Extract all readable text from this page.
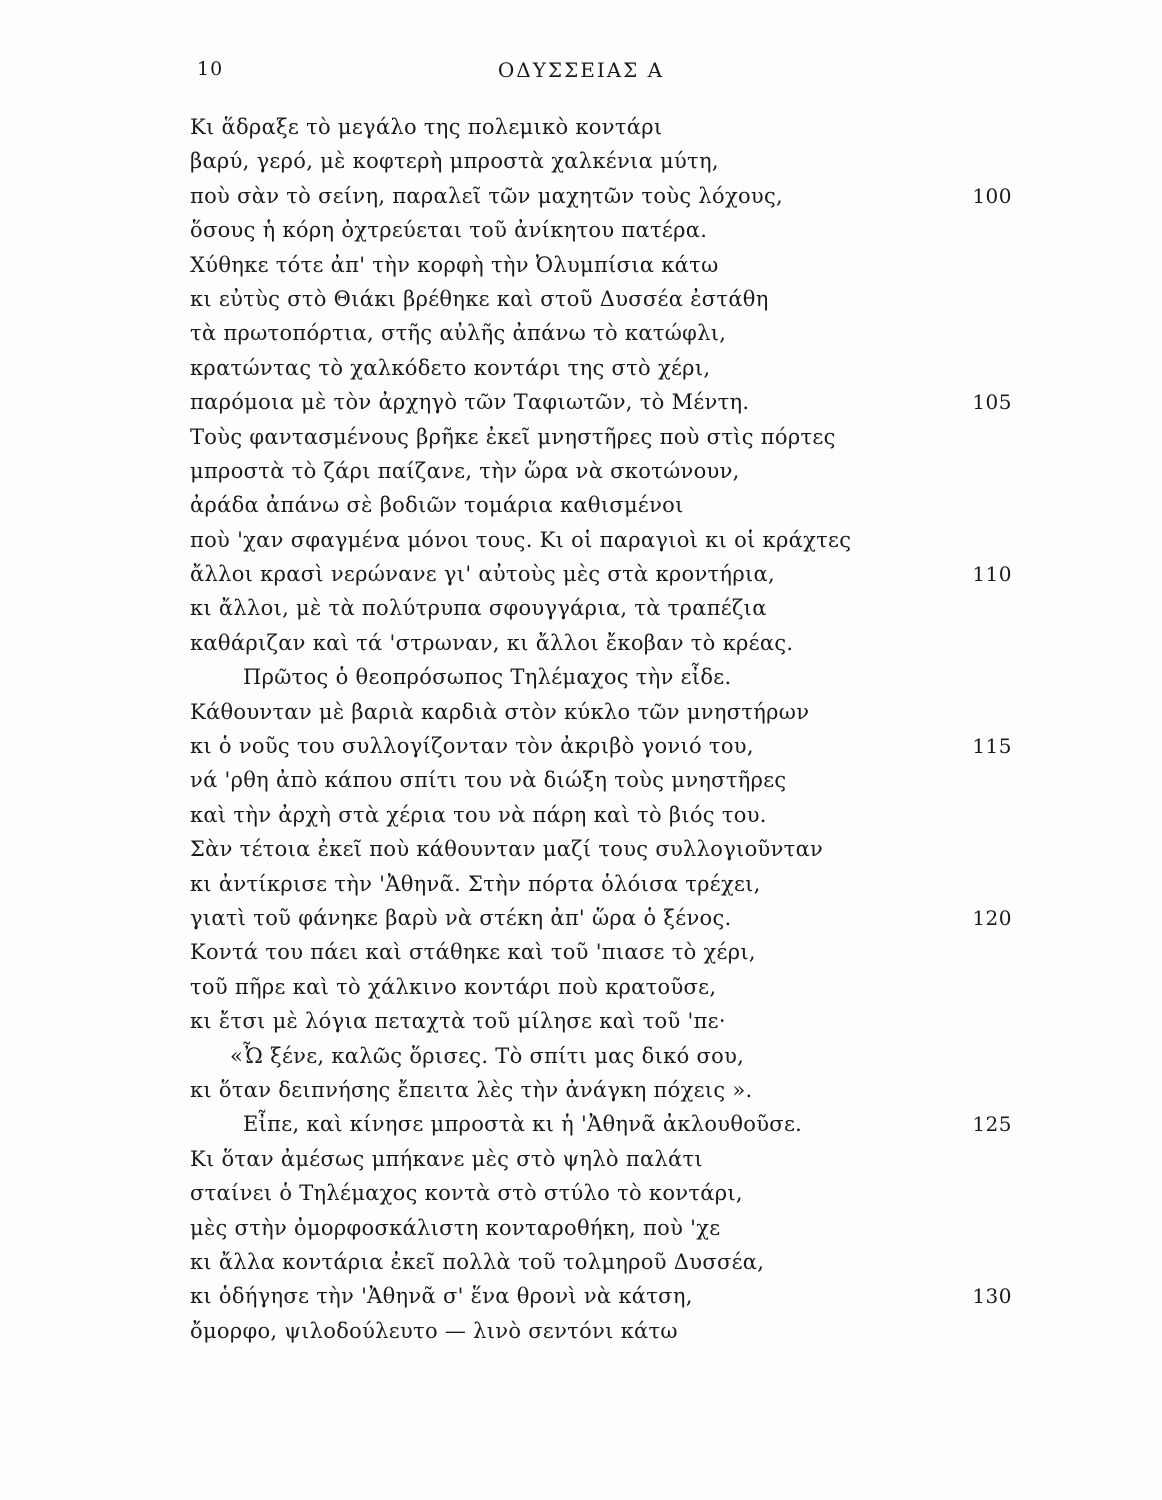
10	ΟΔΥΣΣΕΙΑΣ Α
Κι ἅδραξε τὸ μεγάλο της πολεμικὸ κοντάρι
βαρύ, γερό, μὲ κοφτερὴ μπροστὰ χαλκένια μύτη,
ποὺ σὰν τὸ σείνη, παραλεῖ τῶν μαχητῶν τοὺς λόχους,	100
ὅσους ἡ κόρη ὀχτρεύεται τοῦ ἀνίκητου πατέρα.
Χύθηκε τότε ἀπ' τὴν κορφὴ τὴν Ὀλυμπίσια κάτω
κι εὐτὺς στὸ Θιάκι βρέθηκε καὶ στοῦ Δυσσέα ἐστάθη
τὰ πρωτοπόρτια, στῆς αὐλῆς ἀπάνω τὸ κατώφλι,
κρατώντας τὸ χαλκόδετο κοντάρι της στὸ χέρι,
παρόμοια μὲ τὸν ἀρχηγὸ τῶν Ταφιωτῶν, τὸ Μέντη.	105
Τοὺς φαντασμένους βρῆκε ἐκεῖ μνηστῆρες ποὺ στὶς πόρτες
μπροστὰ τὸ ζάρι παίζανε, τὴν ὥρα νὰ σκοτώνουν,
ἀράδα ἀπάνω σὲ βοδιῶν τομάρια καθισμένοι
ποὺ 'χαν σφαγμένα μόνοι τους. Κι οἱ παραγιοὶ κι οἱ κράχτες
ἄλλοι κρασὶ νερώνανε γι' αὐτοὺς μὲς στὰ κροντήρια,	110
κι ἄλλοι, μὲ τὰ πολύτρυπα σφουγγάρια, τὰ τραπέζια
καθάριζαν καὶ τά 'στρωναν, κι ἄλλοι ἔκοβαν τὸ κρέας.
Πρῶτος ὁ θεοπρόσωπος Τηλέμαχος τὴν εἶδε.
Κάθουνταν μὲ βαριὰ καρδιὰ στὸν κύκλο τῶν μνηστήρων
κι ὁ νοῦς του συλλογίζονταν τὸν ἀκριβὸ γονιό του,	115
νά 'ρθη ἀπὸ κάπου σπίτι του νὰ διώξη τοὺς μνηστῆρες
καὶ τὴν ἀρχὴ στὰ χέρια του νὰ πάρη καὶ τὸ βιός του.
Σὰν τέτοια ἐκεῖ ποὺ κάθουνταν μαζί τους συλλογιοῦνταν
κι ἀντίκρισε τὴν 'Ἀθηνᾶ. Στὴν πόρτα ὁλόισα τρέχει,
γιατὶ τοῦ φάνηκε βαρὺ νὰ στέκη ἀπ' ὥρα ὁ ξένος.	120
Κοντά του πάει καὶ στάθηκε καὶ τοῦ 'πιασε τὸ χέρι,
τοῦ πῆρε καὶ τὸ χάλκινο κοντάρι ποὺ κρατοῦσε,
κι ἔτσι μὲ λόγια πεταχτὰ τοῦ μίλησε καὶ τοῦ 'πε·
«Ὦ ξένε, καλῶς ὅρισες. Τὸ σπίτι μας δικό σου,
κι ὅταν δειπνήσης ἔπειτα λὲς τὴν ἀνάγκη πόχεις ».
Εἶπε, καὶ κίνησε μπροστὰ κι ἡ 'Ἀθηνᾶ ἀκλουθοῦσε.	125
Κι ὅταν ἀμέσως μπήκανε μὲς στὸ ψηλὸ παλάτι
σταίνει ὁ Τηλέμαχος κοντὰ στὸ στύλο τὸ κοντάρι,
μὲς στὴν ὀμορφοσκάλιστη κονταροθήκη, ποὺ 'χε
κι ἄλλα κοντάρια ἐκεῖ πολλὰ τοῦ τολμηροῦ Δυσσέα,
κι ὁδήγησε τὴν 'Ἀθηνᾶ σ' ἕνα θρονὶ νὰ κάτση,	130
ὄμορφο, ψιλοδούλευτο — λινὸ σεντόνι κάτω
